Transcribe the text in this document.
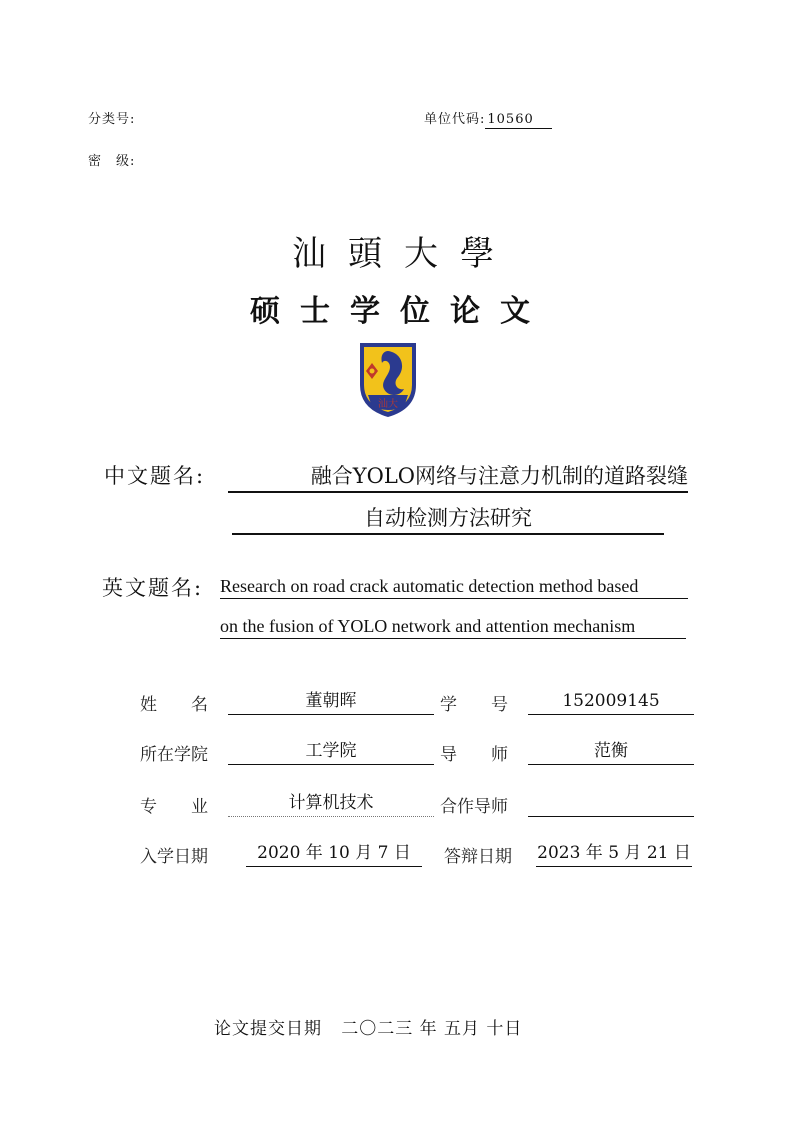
分类号:	单位代码: 10560
密　级:
汕頭大學
硕士学位论文
汕大
中文题名:	融合YOLO网络与注意力机制的道路裂缝
自动检测方法研究
英文题名: Research on road crack automatic detection method based
on the fusion of YOLO network and attention mechanism
姓　　名	董朝晖	学　　号	152009145
所在学院	工学院	导　　师	范衡
专　　业	计算机技术	合作导师
入学日期	2020 年 10 月 7 日	答辩日期 2023 年 5 月 21 日
论文提交日期 二〇二三 年 五月 十日
